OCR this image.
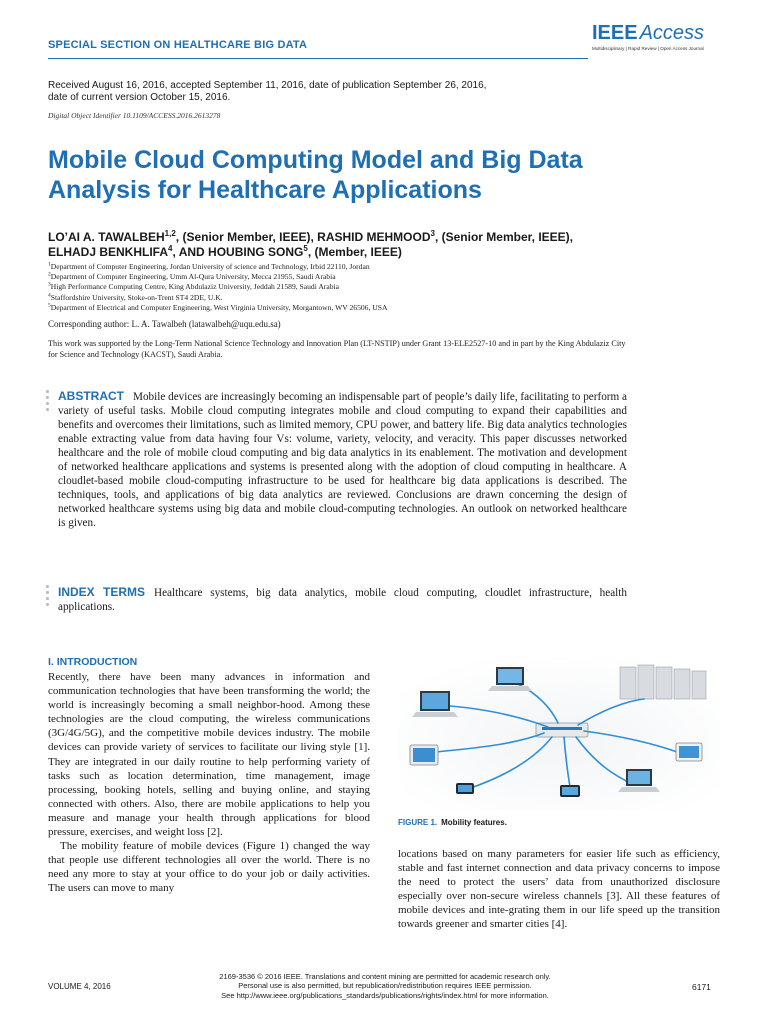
SPECIAL SECTION ON HEALTHCARE BIG DATA
IEEE Access
Multidisciplinary | Rapid Review | Open Access Journal
Received August 16, 2016, accepted September 11, 2016, date of publication September 26, 2016,
date of current version October 15, 2016.
Digital Object Identifier 10.1109/ACCESS.2016.2613278
Mobile Cloud Computing Model and Big Data
Analysis for Healthcare Applications
LO’AI A. TAWALBEH$^{1,2}$, (Senior Member, IEEE), RASHID MEHMOOD$^3$, (Senior Member, IEEE),
ELHADJ BENKHLIFA$^4$, AND HOUBING SONG$^5$, (Member, IEEE)
$^1$Department of Computer Engineering, Jordan University of science and Technology, Irbid 22110, Jordan
$^2$Department of Computer Engineering, Umm Al-Qura University, Mecca 21955, Saudi Arabia
$^3$High Performance Computing Centre, King Abdulaziz University, Jeddah 21589, Saudi Arabia
$^4$Staffordshire University, Stoke-on-Trent ST4 2DE, U.K.
$^5$Department of Electrical and Computer Engineering, West Virginia University, Morgantown, WV 26506, USA
Corresponding author: L. A. Tawalbeh (latawalbeh@uqu.edu.sa)
This work was supported by the Long-Term National Science Technology and Innovation Plan (LT-NSTIP) under Grant 13-ELE2527-10 and in part by the King Abdulaziz City for Science and Technology (KACST), Saudi Arabia.
ABSTRACT Mobile devices are increasingly becoming an indispensable part of people’s daily life, facilitating to perform a variety of useful tasks. Mobile cloud computing integrates mobile and cloud computing to expand their capabilities and benefits and overcomes their limitations, such as limited memory, CPU power, and battery life. Big data analytics technologies enable extracting value from data having four Vs: volume, variety, velocity, and veracity. This paper discusses networked healthcare and the role of mobile cloud computing and big data analytics in its enablement. The motivation and development of networked healthcare applications and systems is presented along with the adoption of cloud computing in healthcare. A cloudlet-based mobile cloud-computing infrastructure to be used for healthcare big data applications is described. The techniques, tools, and applications of big data analytics are reviewed. Conclusions are drawn concerning the design of networked healthcare systems using big data and mobile cloud-computing technologies. An outlook on networked healthcare is given.
INDEX TERMS Healthcare systems, big data analytics, mobile cloud computing, cloudlet infrastructure, health applications.
I. INTRODUCTION

Recently, there have been many advances in information and communication technologies that have been transforming the world; the world is increasingly becoming a small neighbor-hood. Among these technologies are the cloud computing, the wireless communications (3G/4G/5G), and the competitive mobile devices industry. The mobile devices can provide variety of services to facilitate our living style [1]. They are integrated in our daily routine to help performing variety of tasks such as location determination, time management, image processing, booking hotels, selling and buying online, and staying connected with others. Also, there are mobile applications to help you measure and manage your health through applications for blood pressure, exercises, and weight loss [2].

The mobility feature of mobile devices (Figure 1) changed the way that people use different technologies all over the world. There is no need any more to stay at your office to do your job or daily activities. The users can move to many

FIGURE 1. Mobility features.

locations based on many parameters for easier life such as efficiency, stable and fast internet connection and data privacy concerns to impose the need to protect the users’ data from unauthorized disclosure especially over non-secure wireless channels [3]. All these features of mobile devices and inte-grating them in our life speed up the transition towards greener and smarter cities [4].

VOLUME 4, 2016
2169-3536 © 2016 IEEE. Translations and content mining are permitted for academic research only.
Personal use is also permitted, but republication/redistribution requires IEEE permission.
See http://www.ieee.org/publications_standards/publications/rights/index.html for more information.
6171
